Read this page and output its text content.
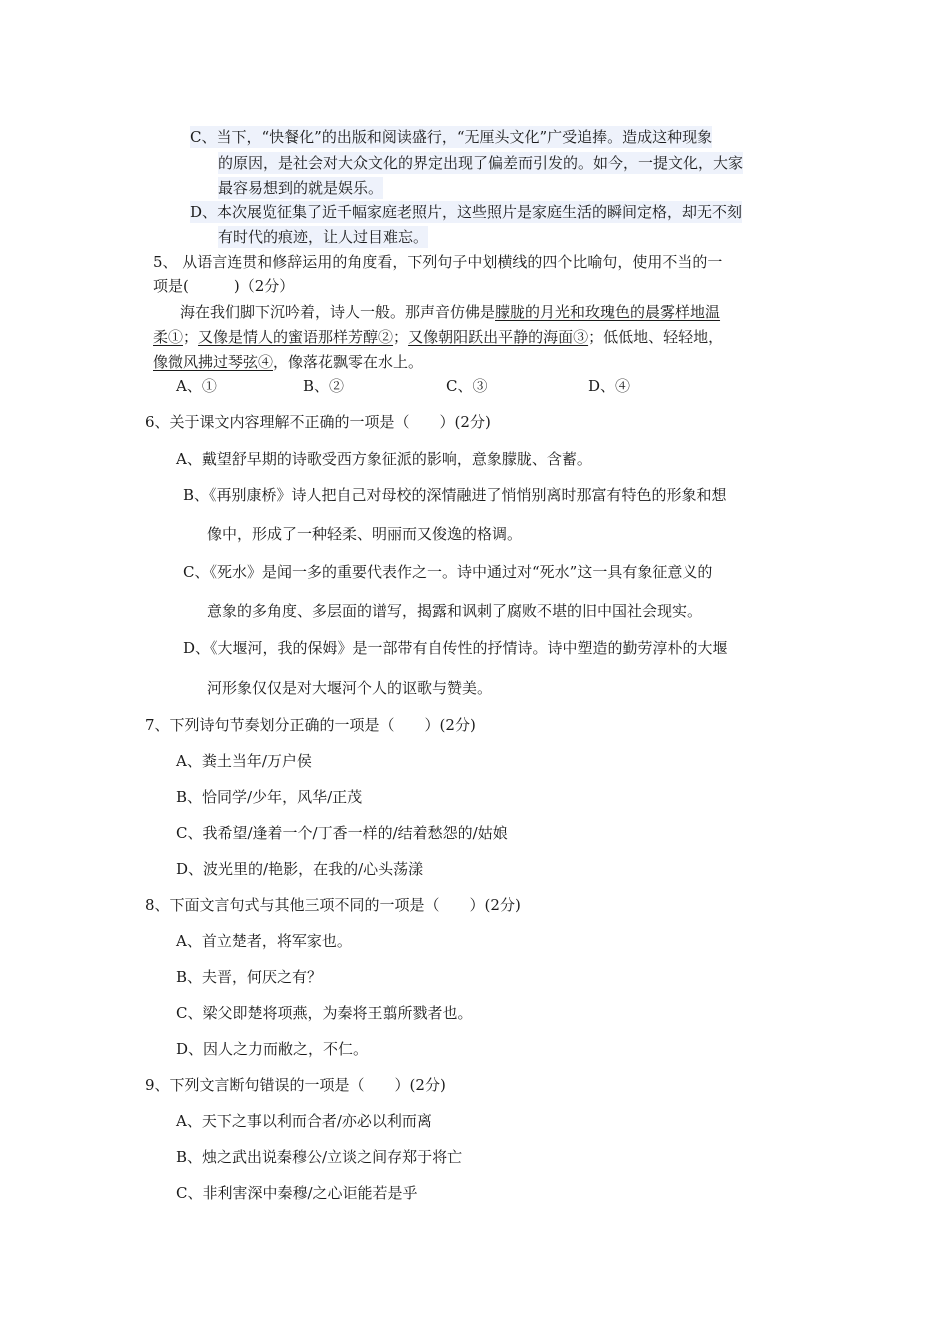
C、当下，“快餐化”的出版和阅读盛行，“无厘头文化”广受追捧。造成这种现象
的原因，是社会对大众文化的界定出现了偏差而引发的。如今，一提文化，大家
最容易想到的就是娱乐。
D、本次展览征集了近千幅家庭老照片，这些照片是家庭生活的瞬间定格，却无不刻
有时代的痕迹，让人过目难忘。
5、 从语言连贯和修辞运用的角度看，下列句子中划横线的四个比喻句，使用不当的一
项是(　　　)（2分）
海在我们脚下沉吟着，诗人一般。那声音仿佛是朦胧的月光和玫瑰色的晨雾样地温
柔①；又像是情人的蜜语那样芳醇②；又像朝阳跃出平静的海面③；低低地、轻轻地，
像微风拂过琴弦④，像落花飘零在水上。
A、①	B、②	C、③	D、④
6、关于课文内容理解不正确的一项是（　　）(2分)
A、戴望舒早期的诗歌受西方象征派的影响，意象朦胧、含蓄。
B、《再别康桥》诗人把自己对母校的深情融进了悄悄别离时那富有特色的形象和想
像中，形成了一种轻柔、明丽而又俊逸的格调。
C、《死水》是闻一多的重要代表作之一。诗中通过对“死水”这一具有象征意义的
意象的多角度、多层面的谱写，揭露和讽刺了腐败不堪的旧中国社会现实。
D、《大堰河，我的保姆》是一部带有自传性的抒情诗。诗中塑造的勤劳淳朴的大堰
河形象仅仅是对大堰河个人的讴歌与赞美。
7、下列诗句节奏划分正确的一项是（　　）(2分)
A、粪土当年/万户侯
B、恰同学/少年，风华/正茂
C、我希望/逢着一个/丁香一样的/结着愁怨的/姑娘
D、波光里的/艳影，在我的/心头荡漾
8、下面文言句式与其他三项不同的一项是（　　）(2分)
A、首立楚者，将军家也。
B、夫晋，何厌之有？
C、梁父即楚将项燕，为秦将王翦所戮者也。
D、因人之力而敝之，不仁。
9、下列文言断句错误的一项是（　　）(2分)
A、天下之事以利而合者/亦必以利而离
B、烛之武出说秦穆公/立谈之间存郑于将亡
C、非利害深中秦穆/之心讵能若是乎
